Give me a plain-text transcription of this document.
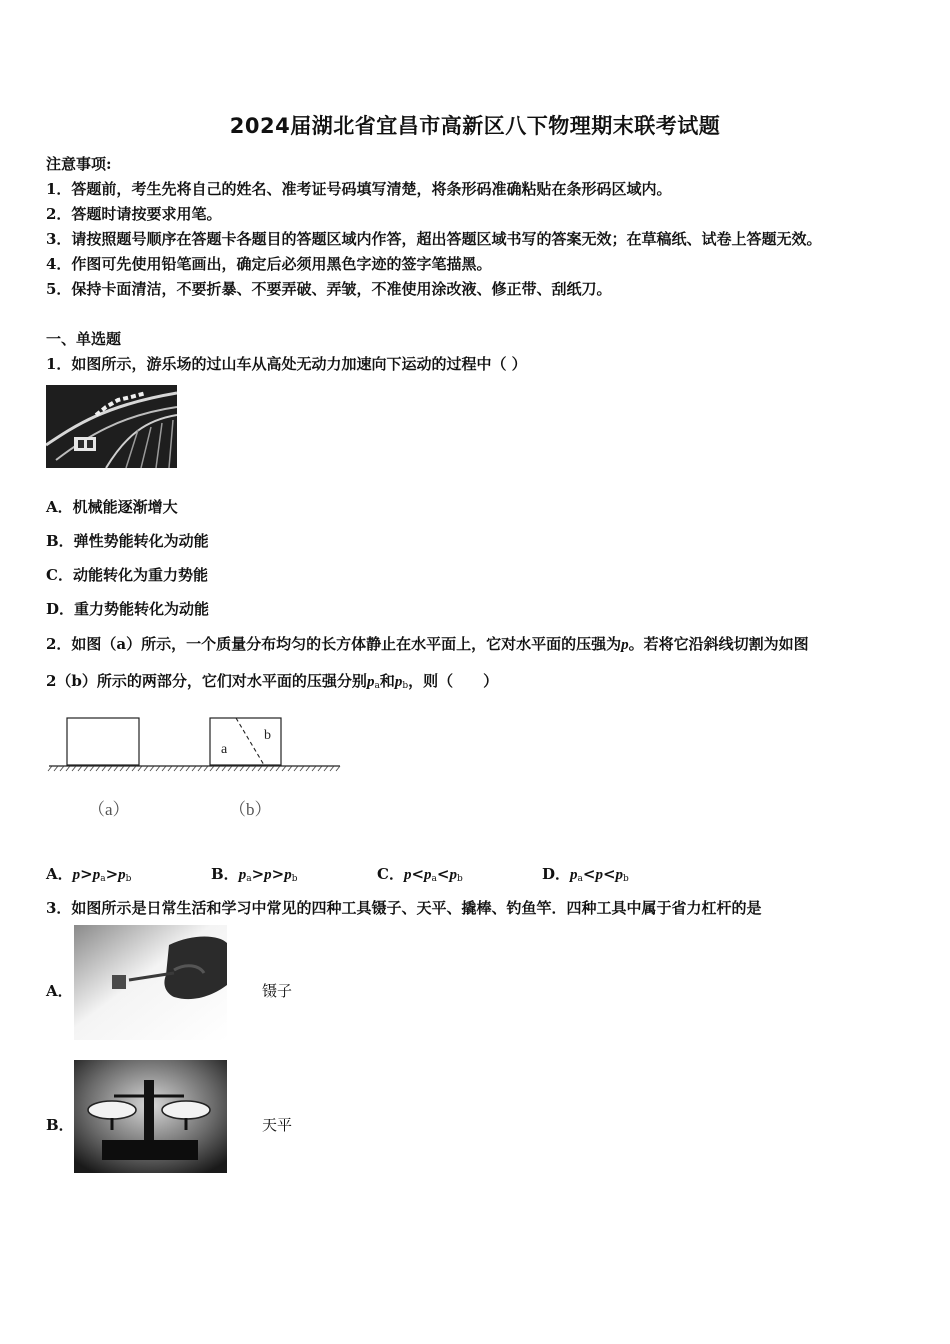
2024届湖北省宜昌市高新区八下物理期末联考试题
注意事项:
1．答题前，考生先将自己的姓名、准考证号码填写清楚，将条形码准确粘贴在条形码区域内。
2．答题时请按要求用笔。
3．请按照题号顺序在答题卡各题目的答题区域内作答，超出答题区域书写的答案无效；在草稿纸、试卷上答题无效。
4．作图可先使用铅笔画出，确定后必须用黑色字迹的签字笔描黑。
5．保持卡面清洁，不要折暴、不要弄破、弄皱，不准使用涂改液、修正带、刮纸刀。
一、单选题
1．如图所示，游乐场的过山车从高处无动力加速向下运动的过程中（ ）
A．机械能逐渐增大
B．弹性势能转化为动能
C．动能转化为重力势能
D．重力势能转化为动能
2．如图（a）所示，一个质量分布均匀的长方体静止在水平面上，它对水平面的压强为p。若将它沿斜线切割为如图
2（b）所示的两部分，它们对水平面的压强分别$p_a$和$p_b$，则（　　）
a
b
（a）	（b）
A．$p>p_a>p_b$	B．$p_a>p>p_b$	C．$p<p_a<p_b$	D．$p_a<p<p_b$
3．如图所示是日常生活和学习中常见的四种工具镊子、天平、撬棒、钓鱼竿．四种工具中属于省力杠杆的是
A．	镊子
B．	天平
